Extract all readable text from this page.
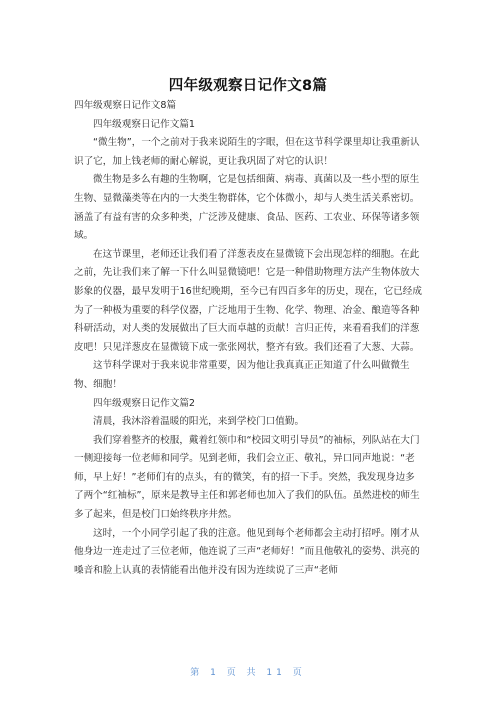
四年级观察日记作文8篇

四年级观察日记作文8篇

四年级观察日记作文篇1

“微生物”，一个之前对于我来说陌生的字眼，但在这节科学课里却让我重新认识了它，加上钱老师的耐心解说，更让我巩固了对它的认识！

微生物是多么有趣的生物啊，它是包括细菌、病毒、真菌以及一些小型的原生生物、显微藻类等在内的一大类生物群体，它个体微小，却与人类生活关系密切。涵盖了有益有害的众多种类，广泛涉及健康、食品、医药、工农业、环保等诸多领域。

在这节课里，老师还让我们看了洋葱表皮在显微镜下会出现怎样的细胞。在此之前，先让我们来了解一下什么叫显微镜吧！它是一种借助物理方法产生物体放大影象的仪器，最早发明于16世纪晚期，至今已有四百多年的历史，现在，它已经成为了一种极为重要的科学仪器，广泛地用于生物、化学、物理、冶金、酿造等各种科研活动，对人类的发展做出了巨大而卓越的贡献！言归正传，来看看我们的洋葱皮吧！只见洋葱皮在显微镜下成一张张网状，整齐有致。我们还看了大葱、大蒜。

这节科学课对于我来说非常重要，因为他让我真真正正知道了什么叫做微生物、细胞！

四年级观察日记作文篇2

清晨，我沐浴着温暖的阳光，来到学校门口值勤。

我们穿着整齐的校服，戴着红领巾和“校园文明引导员”的袖标，列队站在大门一侧迎接每一位老师和同学。见到老师，我们会立正、敬礼，异口同声地说：“老师，早上好！”老师们有的点头，有的微笑，有的招一下手。突然，我发现身边多了两个“红袖标”，原来是教导主任和郭老师也加入了我们的队伍。虽然进校的师生多了起来，但是校门口始终秩序井然。

这时，一个小同学引起了我的注意。他见到每个老师都会主动打招呼。刚才从他身边一连走过了三位老师，他连说了三声“老师好！”而且他敬礼的姿势、洪亮的嗓音和脸上认真的表情能看出他并没有因为连续说了三声“老师

第 1 页 共 11 页
